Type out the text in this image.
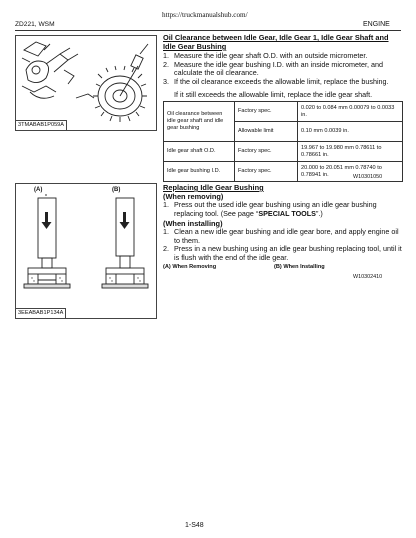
ZD221, WSM
https://truckmanualshub.com/
ENGINE
3TMABAB1P059A
Oil Clearance between Idle Gear, Idle Gear 1, Idle Gear Shaft and Idle Gear Bushing
1. Measure the idle gear shaft O.D. with an outside micrometer.
2. Measure the idle gear bushing I.D. with an inside micrometer, and calculate the oil clearance.
3. If the oil clearance exceeds the allowable limit, replace the bushing.
If it still exceeds the allowable limit, replace the idle gear shaft.
Oil clearance between idle gear shaft and idle gear bushing	Factory spec.	0.020 to 0.084 mm 0.00079 to 0.0033 in.
	Allowable limit	0.10 mm 0.0039 in.
Idle gear shaft O.D.	Factory spec.	19.967 to 19.980 mm 0.78611 to 0.78661 in.
Idle gear bushing I.D.	Factory spec.	20.000 to 20.051 mm 0.78740 to 0.78941 in.	W10301050
(A)	(B)
3EEABAB1P134A
Replacing Idle Gear Bushing
(When removing)
1. Press out the used idle gear bushing using an idle gear bushing replacing tool. (See page “SPECIAL TOOLS”.)
(When installing)
1. Clean a new idle gear bushing and idle gear bore, and apply engine oil to them.
2. Press in a new bushing using an idle gear bushing replacing tool, until it is flush with the end of the idle gear.
(A) When Removing	(B) When Installing
W10302410
1-S48
